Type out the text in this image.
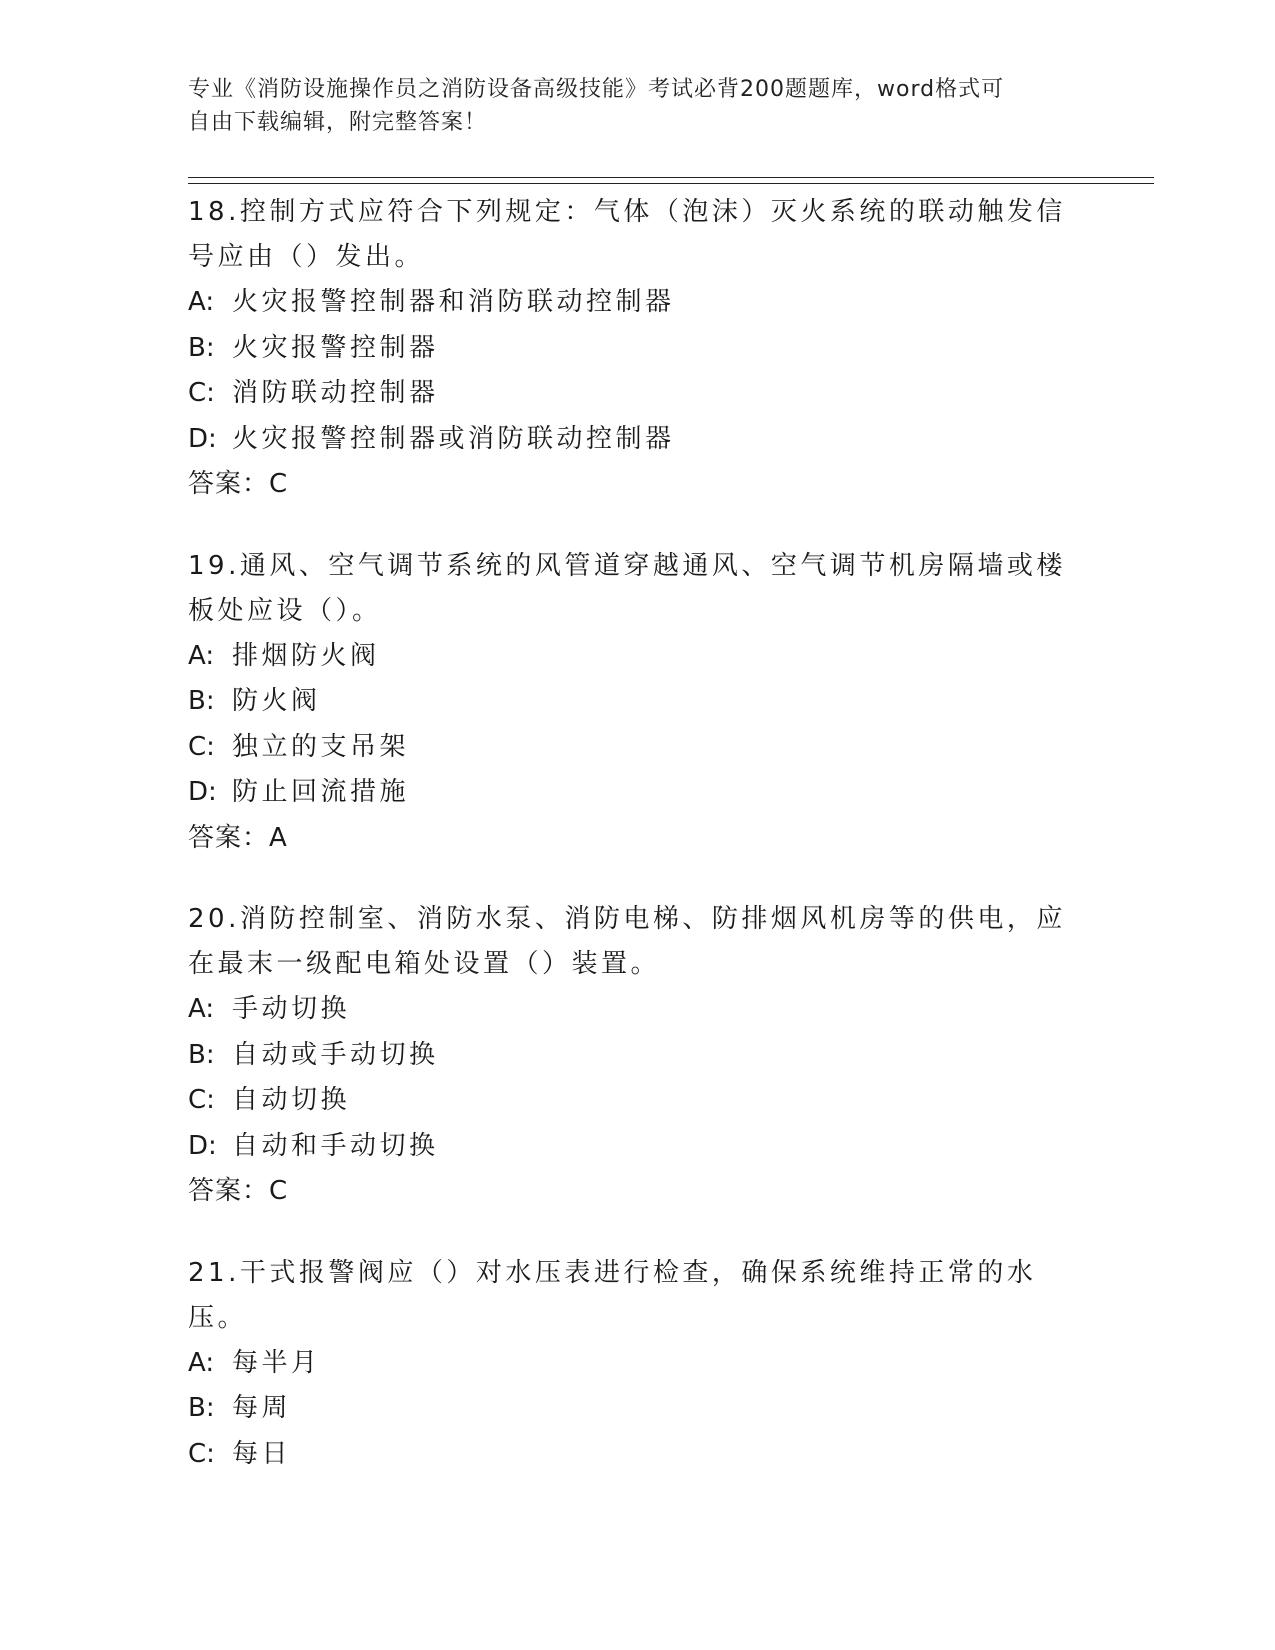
专业《消防设施操作员之消防设备高级技能》考试必背200题题库，word格式可
自由下载编辑，附完整答案！

18.控制方式应符合下列规定：气体（泡沫）灭火系统的联动触发信号应由（）发出。

A: 火灾报警控制器和消防联动控制器
B: 火灾报警控制器
C: 消防联动控制器
D: 火灾报警控制器或消防联动控制器
答案：C

19.通风、空气调节系统的风管道穿越通风、空气调节机房隔墙或楼板处应设（）。

A: 排烟防火阀
B: 防火阀
C: 独立的支吊架
D: 防止回流措施
答案：A

20.消防控制室、消防水泵、消防电梯、防排烟风机房等的供电，应在最末一级配电箱处设置（）装置。

A: 手动切换
B: 自动或手动切换
C: 自动切换
D: 自动和手动切换
答案：C

21.干式报警阀应（）对水压表进行检查，确保系统维持正常的水压。

A: 每半月
B: 每周
C: 每日
